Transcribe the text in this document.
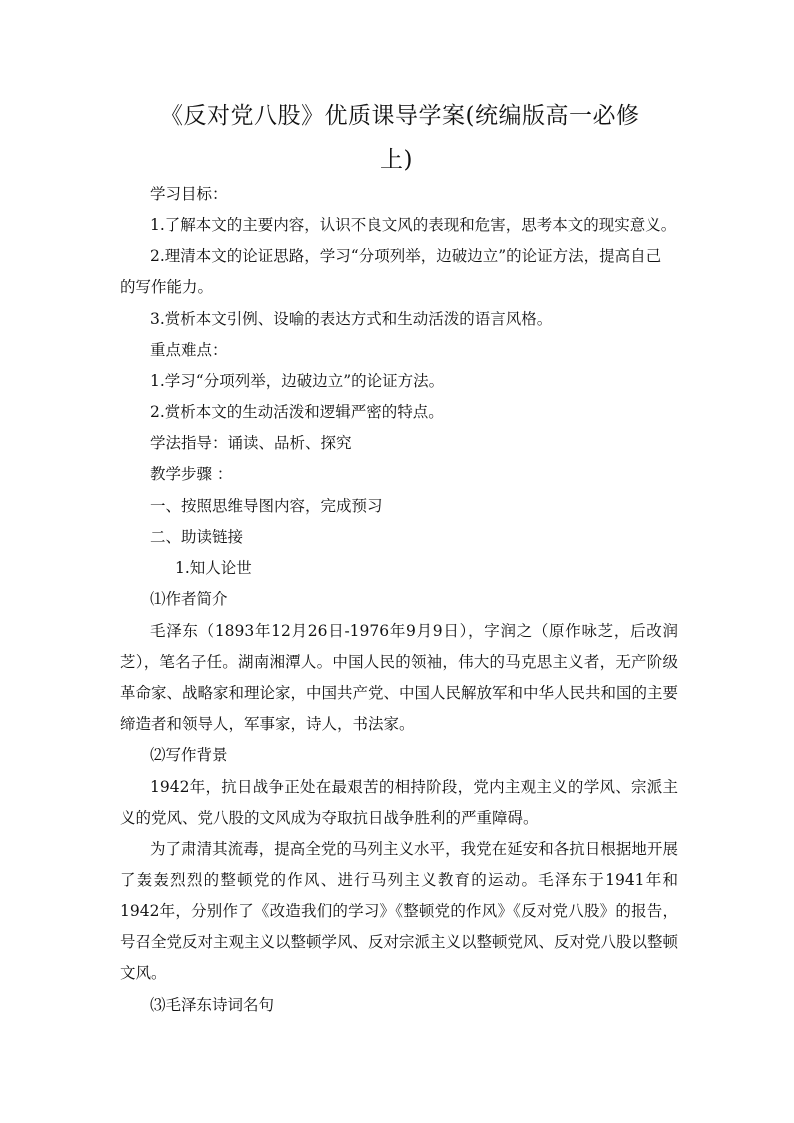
《反对党八股》优质课导学案(统编版高一必修
上)
学习目标：
1.了解本文的主要内容，认识不良文风的表现和危害，思考本文的现实意义。
2.理清本文的论证思路，学习“分项列举，边破边立”的论证方法，提高自己
的写作能力。
3.赏析本文引例、设喻的表达方式和生动活泼的语言风格。
重点难点：
1.学习“分项列举，边破边立”的论证方法。
2.赏析本文的生动活泼和逻辑严密的特点。
学法指导：诵读、品析、探究
教学步骤 ：
一、按照思维导图内容，完成预习
二、助读链接
1.知人论世
⑴作者简介
毛泽东（1893年12月26日-1976年9月9日），字润之（原作咏芝，后改润芝），笔名子任。湖南湘潭人。中国人民的领袖，伟大的马克思主义者，无产阶级革命家、战略家和理论家，中国共产党、中国人民解放军和中华人民共和国的主要缔造者和领导人，军事家，诗人，书法家。
⑵写作背景
1942年，抗日战争正处在最艰苦的相持阶段，党内主观主义的学风、宗派主义的党风、党八股的文风成为夺取抗日战争胜利的严重障碍。
为了肃清其流毒，提高全党的马列主义水平，我党在延安和各抗日根据地开展了轰轰烈烈的整顿党的作风、进行马列主义教育的运动。毛泽东于1941年和1942年，分别作了《改造我们的学习》《整顿党的作风》《反对党八股》的报告，号召全党反对主观主义以整顿学风、反对宗派主义以整顿党风、反对党八股以整顿文风。
⑶毛泽东诗词名句
